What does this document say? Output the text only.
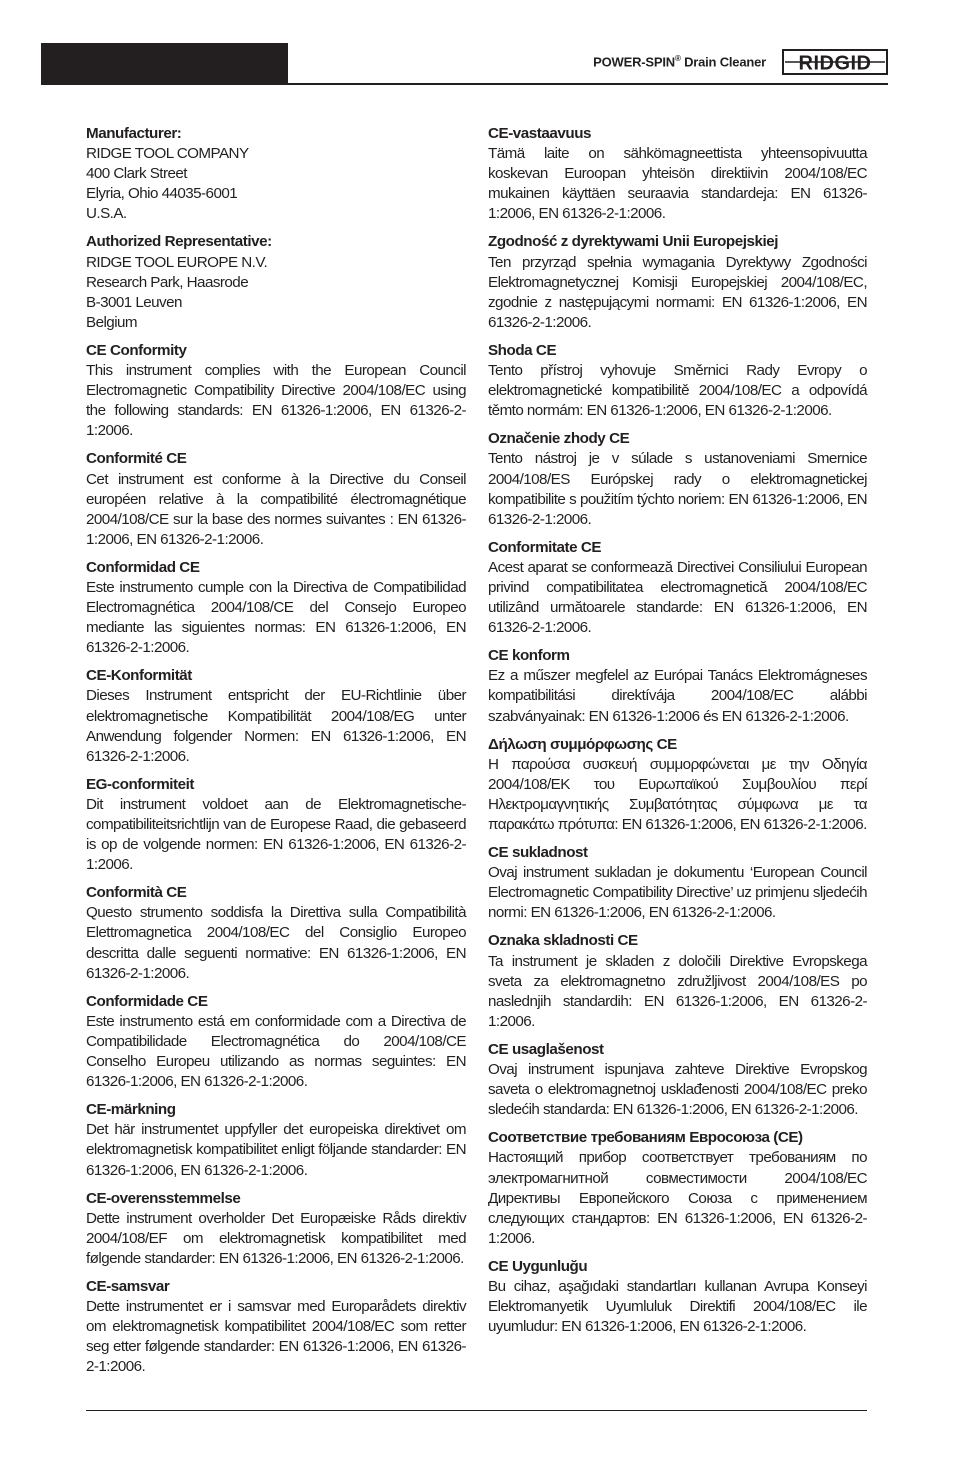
POWER-SPIN® Drain Cleaner RIDGID
Manufacturer:
RIDGE TOOL COMPANY
400 Clark Street
Elyria, Ohio 44035-6001
U.S.A.
Authorized Representative:
RIDGE TOOL EUROPE N.V.
Research Park, Haasrode
B-3001 Leuven
Belgium
CE Conformity

This instrument complies with the European Council Electromagnetic Compatibility Directive 2004/108/EC using the following standards: EN 61326-1:2006, EN 61326-2-1:2006.

Conformité CE

Cet instrument est conforme à la Directive du Conseil européen relative à la compatibilité électromagnétique 2004/108/CE sur la base des normes suivantes : EN 61326-1:2006, EN 61326-2-1:2006.

Conformidad CE

Este instrumento cumple con la Directiva de Compatibilidad Electromagnética 2004/108/CE del Consejo Europeo mediante las siguientes normas: EN 61326-1:2006, EN 61326-2-1:2006.

CE-Konformität

Dieses Instrument entspricht der EU-Richtlinie über elektromagnetische Kompatibilität 2004/108/EG unter Anwendung folgender Normen: EN 61326-1:2006, EN 61326-2-1:2006.

EG-conformiteit

Dit instrument voldoet aan de Elektromagnetische-compatibiliteitsrichtlijn van de Europese Raad, die gebaseerd is op de volgende normen: EN 61326-1:2006, EN 61326-2-1:2006.

Conformità CE

Questo strumento soddisfa la Direttiva sulla Compatibilità Elettromagnetica 2004/108/EC del Consiglio Europeo descritta dalle seguenti normative: EN 61326-1:2006, EN 61326-2-1:2006.

Conformidade CE

Este instrumento está em conformidade com a Directiva de Compatibilidade Electromagnética do 2004/108/CE Conselho Europeu utilizando as normas seguintes: EN 61326-1:2006, EN 61326-2-1:2006.

CE-märkning

Det här instrumentet uppfyller det europeiska direktivet om elektromagnetisk kompatibilitet enligt följande standarder: EN 61326-1:2006, EN 61326-2-1:2006.

CE-overensstemmelse

Dette instrument overholder Det Europæiske Råds direktiv 2004/108/EF om elektromagnetisk kompatibilitet med følgende standarder: EN 61326-1:2006, EN 61326-2-1:2006.

CE-samsvar

Dette instrumentet er i samsvar med Europarådets direktiv om elektromagnetisk kompatibilitet 2004/108/EC som retter seg etter følgende standarder: EN 61326-1:2006, EN 61326-2-1:2006.

CE-vastaavuus

Tämä laite on sähkömagneettista yhteensopivuutta koskevan Euroopan yhteisön direktiivin 2004/108/EC mukainen käyttäen seuraavia standardeja: EN 61326-1:2006, EN 61326-2-1:2006.

Zgodność z dyrektywami Unii Europejskiej

Ten przyrząd spełnia wymagania Dyrektywy Zgodności Elektromagnetycznej Komisji Europejskiej 2004/108/EC, zgodnie z następującymi normami: EN 61326-1:2006, EN 61326-2-1:2006.

Shoda CE

Tento přístroj vyhovuje Směrnici Rady Evropy o elektromagnetické kompatibilitě 2004/108/EC a odpovídá těmto normám: EN 61326-1:2006, EN 61326-2-1:2006.

Označenie zhody CE

Tento nástroj je v súlade s ustanoveniami Smernice 2004/108/ES Európskej rady o elektromagnetickej kompatibilite s použitím týchto noriem: EN 61326-1:2006, EN 61326-2-1:2006.

Conformitate CE

Acest aparat se conformează Directivei Consiliului European privind compatibilitatea electromagnetică 2004/108/EC utilizând următoarele standarde: EN 61326-1:2006, EN 61326-2-1:2006.

CE konform

Ez a műszer megfelel az Európai Tanács Elektromágneses kompatibilitási direktívája 2004/108/EC alábbi szabványainak: EN 61326-1:2006 és EN 61326-2-1:2006.

Δήλωση συμμόρφωσης CE

Η παρούσα συσκευή συμμορφώνεται με την Οδηγία 2004/108/ΕΚ του Ευρωπαϊκού Συμβουλίου περί Ηλεκτρομαγνητικής Συμβατότητας σύμφωνα με τα παρακάτω πρότυπα: EN 61326-1:2006, EN 61326-2-1:2006.

CE sukladnost

Ovaj instrument sukladan je dokumentu ‘European Council Electromagnetic Compatibility Directive’ uz primjenu sljedećih normi: EN 61326-1:2006, EN 61326-2-1:2006.

Oznaka skladnosti CE

Ta instrument je skladen z določili Direktive Evropskega sveta za elektromagnetno združljivost 2004/108/ES po naslednjih standardih: EN 61326-1:2006, EN 61326-2-1:2006.

CE usaglašenost

Ovaj instrument ispunjava zahteve Direktive Evropskog saveta o elektromagnetnoj usklađenosti 2004/108/EC preko sledećih standarda: EN 61326-1:2006, EN 61326-2-1:2006.

Соответствие требованиям Евросоюза (CE)

Настоящий прибор соответствует требованиям по электромагнитной совместимости 2004/108/EC Директивы Европейского Союза с применением следующих стандартов: EN 61326-1:2006, EN 61326-2-1:2006.

CE Uygunluğu

Bu cihaz, aşağıdaki standartları kullanan Avrupa Konseyi Elektromanyetik Uyumluluk Direktifi 2004/108/EC ile uyumludur: EN 61326-1:2006, EN 61326-2-1:2006.
